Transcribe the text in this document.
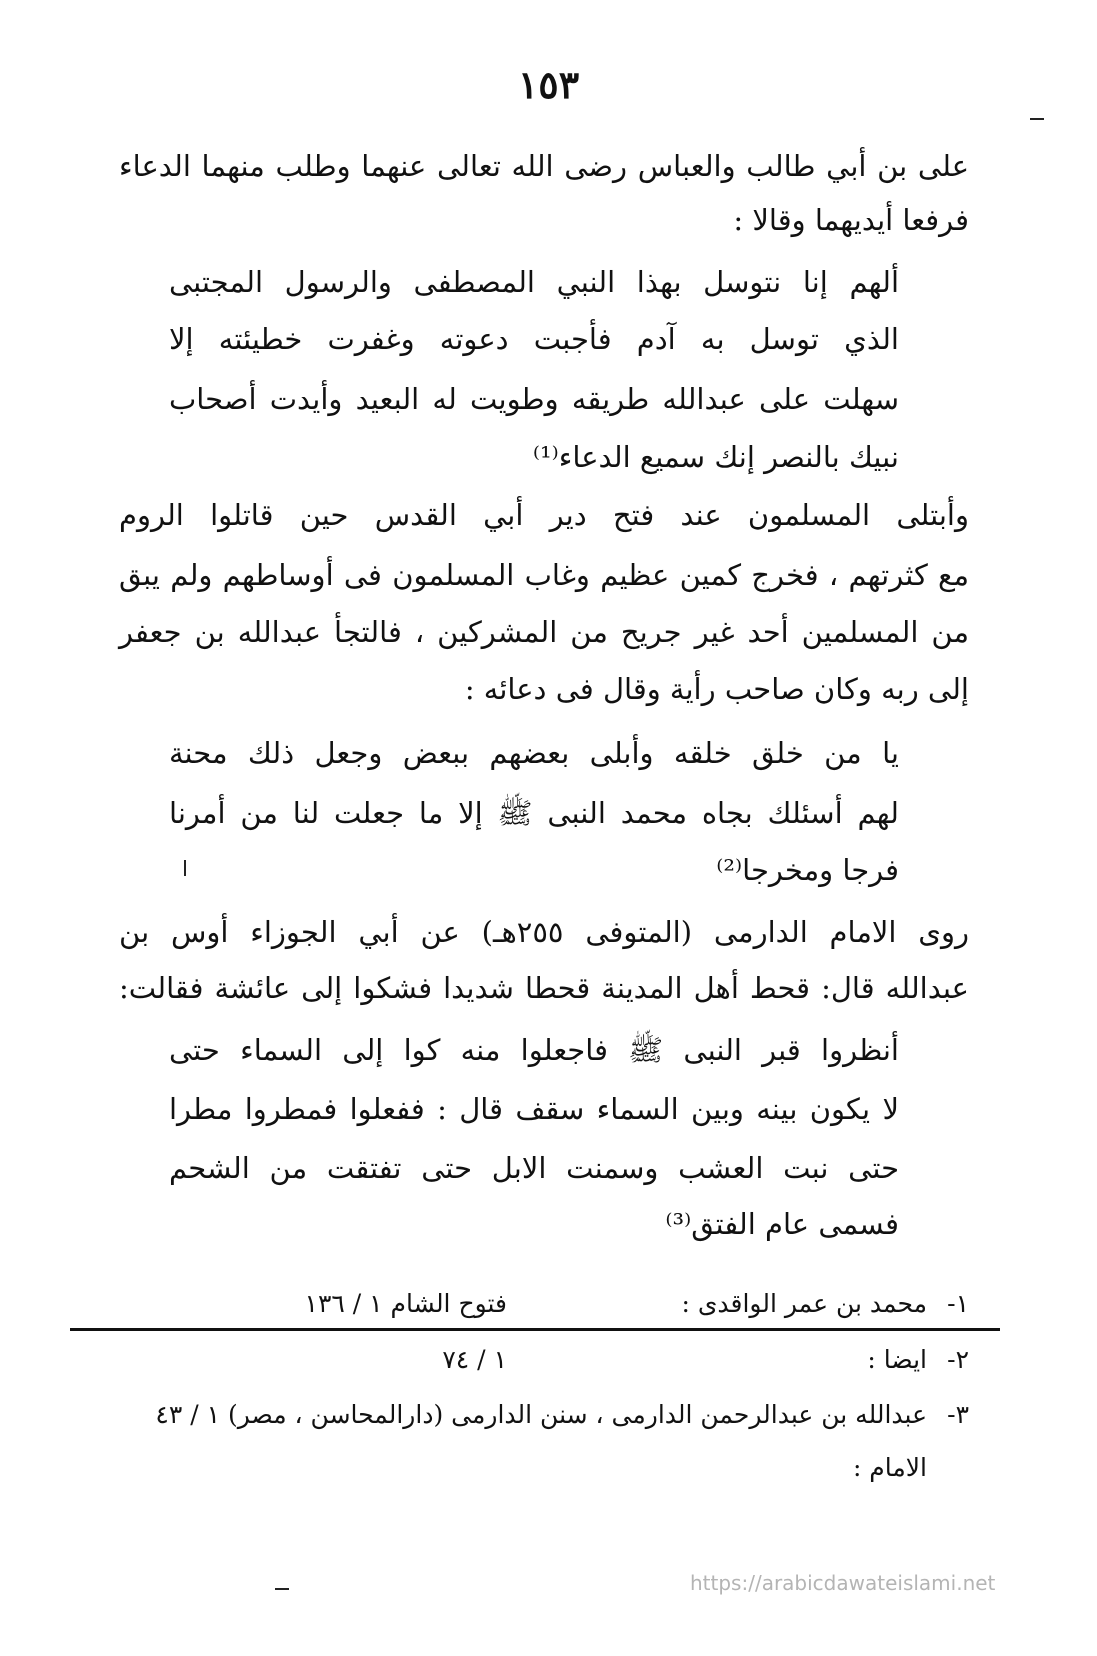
١٥٣
على بن أبي طالب والعباس رضى الله تعالى عنهما وطلب منهما الدعاء
فرفعا أيديهما وقالا :
ألهم إنا نتوسل بهذا النبي المصطفى والرسول المجتبى
الذي توسل به آدم فأجبت دعوته وغفرت خطيئته إلا
سهلت على عبدالله طريقه وطويت له البعيد وأيدت أصحاب
نبيك بالنصر إنك سميع الدعاء⁽¹⁾
وأبتلى المسلمون عند فتح دير أبي القدس حين قاتلوا الروم
مع كثرتهم ، فخرج كمين عظيم وغاب المسلمون فى أوساطهم ولم يبق
من المسلمين أحد غير جريح من المشركين ، فالتجأ عبدالله بن جعفر
إلى ربه وكان صاحب رأية وقال فى دعائه :
يا من خلق خلقه وأبلى بعضهم ببعض وجعل ذلك محنة
لهم أسئلك بجاه محمد النبى ﷺ إلا ما جعلت لنا من أمرنا
فرجا ومخرجا⁽²⁾
روى الامام الدارمى (المتوفى ٢٥٥هـ) عن أبي الجوزاء أوس بن
عبدالله قال: قحط أهل المدينة قحطا شديدا فشكوا إلى عائشة فقالت:
أنظروا قبر النبى ﷺ فاجعلوا منه كوا إلى السماء حتى
لا يكون بينه وبين السماء سقف قال : ففعلوا فمطروا مطرا
حتى نبت العشب وسمنت الابل حتى تفتقت من الشحم
فسمى عام الفتق⁽³⁾
١-
محمد بن عمر الواقدى :
فتوح الشام ١ / ١٣٦
٢-
ايضا :
١ / ٧٤
٣-
عبدالله بن عبدالرحمن الدارمى ، سنن الدارمى (دارالمحاسن ، مصر) ١ / ٤٣
الامام :
https://arabicdawateislami.net
